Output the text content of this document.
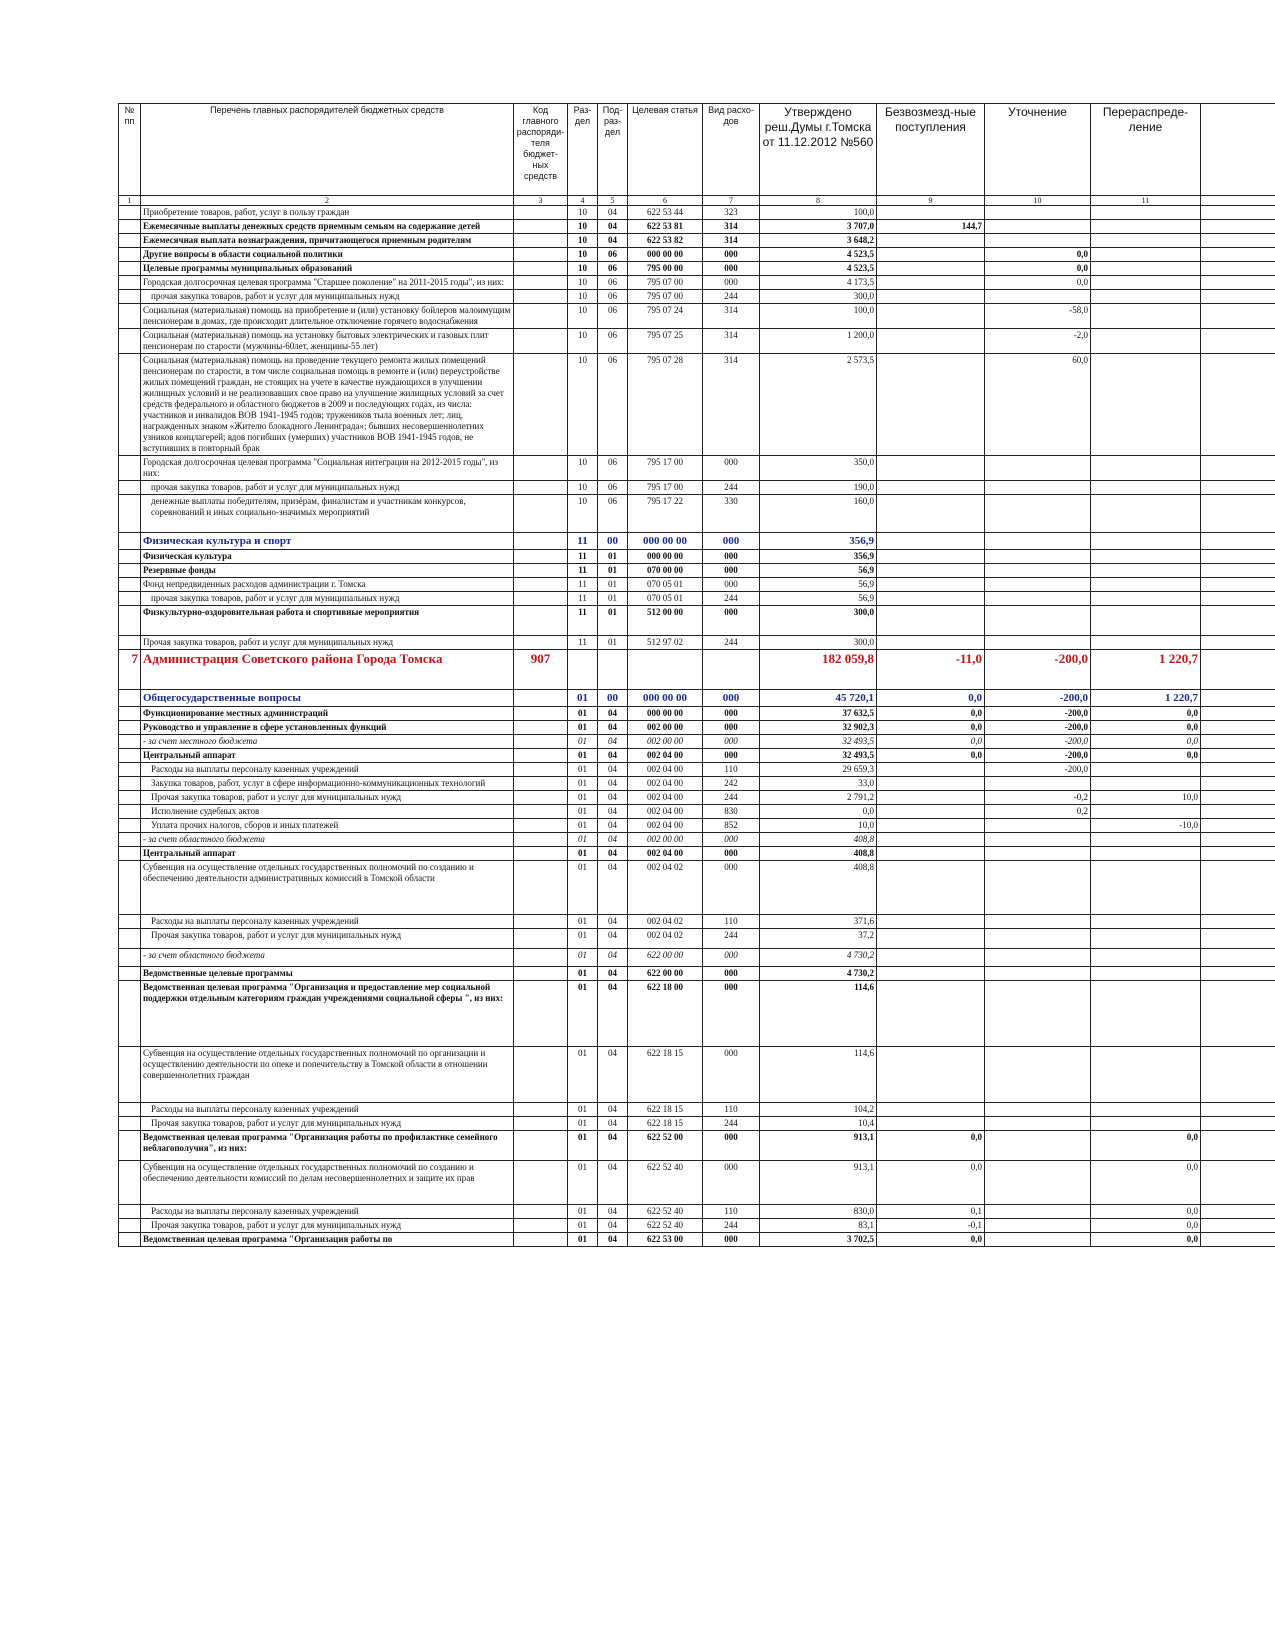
№ пп	Перечень главных распорядителей бюджетных средств	Код главного распоряди-теля бюджет-ных средств	Раз-дел	Под-раз-дел	Целевая статья	Вид расхо-дов	Утверждено реш.Думы г.Томска от 11.12.2012 №560	Безвозмезд-ные поступления	Уточнение	Перераспреде-ление	
1	2	3	4	5	6	7	8	9	10	11	
	Приобретение товаров, работ, услуг в пользу граждан		10	04	622 53 44	323	100,0				
	Ежемесячные выплаты денежных средств приемным семьям на содержание детей		10	04	622 53 81	314	3 707,0	144,7			
	Ежемесячная выплата вознаграждения, причитающегося приемным родителям		10	04	622 53 82	314	3 648,2				
	Другие вопросы в области социальной политики		10	06	000 00 00	000	4 523,5		0,0		
	Целевые программы муниципальных образований		10	06	795 00 00	000	4 523,5		0,0		
	Городская долгосрочная целевая программа "Старшее поколение" на 2011-2015 годы", из них:		10	06	795 07 00	000	4 173,5		0,0		
	прочая закупка товаров, работ и услуг для муниципальных нужд		10	06	795 07 00	244	300,0				
	Социальная (материальная) помощь на приобретение и (или) установку бойлеров малоимущим пенсионерам в домах, где происходит длительное отключение горячего водоснабжения		10	06	795 07 24	314	100,0		-58,0		
	Социальная (материальная) помощь на установку бытовых электрических и газовых плит пенсионерам по старости (мужчины-60лет, женщины-55 лет)		10	06	795 07 25	314	1 200,0		-2,0		
	Социальная (материальная) помощь на проведение текущего ремонта жилых помещений пенсионерам по старости, в том числе социальная помощь в ремонте и (или) переустройстве жилых помещений граждан, не стоящих на учете в качестве нуждающихся в улучшении жилищных условий и не реализовавших свое право на улучшение жилищных условий за счет средств федерального и областного бюджетов в 2009 и последующих годах, из числа: участников и инвалидов ВОВ 1941-1945 годов; тружеников тыла военных лет; лиц, награжденных знаком «Жителю блокадного Ленинграда»; бывших несовершеннолетних узников концлагерей; вдов погибших (умерших) участников ВОВ 1941-1945 годов, не вступивших в повторный брак		10	06	795 07 28	314	2 573,5		60,0		
	Городская долгосрочная целевая программа "Социальная интеграция на 2012-2015 годы", из них:		10	06	795 17 00	000	350,0				
	прочая закупка товаров, работ и услуг для муниципальных нужд		10	06	795 17 00	244	190,0				
	денежные выплаты победителям, призёрам, финалистам и участникам конкурсов, соревнований и иных социально-значимых мероприятий		10	06	795 17 22	330	160,0				
	Физическая культура и спорт		11	00	000 00 00	000	356,9				
	Физическая культура		11	01	000 00 00	000	356,9				
	Резервные фонды		11	01	070 00 00	000	56,9				
	Фонд непредвиденных расходов администрации г. Томска		11	01	070 05 01	000	56,9				
	прочая закупка товаров, работ и услуг для муниципальных нужд		11	01	070 05 01	244	56,9				
	Физкультурно-оздоровительная работа и спортивные мероприятия		11	01	512 00 00	000	300,0				
	Прочая закупка товаров, работ и услуг для муниципальных нужд		11	01	512 97 02	244	300,0				
7	Администрация Советского района Города Томска	907					182 059,8	-11,0	-200,0	1 220,7	
	Общегосударственные вопросы		01	00	000 00 00	000	45 720,1	0,0	-200,0	1 220,7	
	Функционирование местных администраций		01	04	000 00 00	000	37 632,5	0,0	-200,0	0,0	
	Руководство и управление в сфере установленных функций		01	04	002 00 00	000	32 902,3	0,0	-200,0	0,0	
	- за счет местного бюджета		01	04	002 00 00	000	32 493,5	0,0	-200,0	0,0	
	Центральный аппарат		01	04	002 04 00	000	32 493,5	0,0	-200,0	0,0	
	Расходы на выплаты персоналу казенных учреждений		01	04	002 04 00	110	29 659,3		-200,0		
	Закупка товаров, работ, услуг в сфере информационно-коммуникационных технологий		01	04	002 04 00	242	33,0				
	Прочая закупка товаров, работ и услуг для муниципальных нужд		01	04	002 04 00	244	2 791,2		-0,2	10,0	
	Исполнение судебных актов		01	04	002 04 00	830	0,0		0,2		
	Уплата прочих налогов, сборов и иных платежей		01	04	002 04 00	852	10,0			-10,0	
	- за счет областного бюджета		01	04	002 00 00	000	408,8				
	Центральный аппарат		01	04	002 04 00	000	408,8				
	Субвенция на осуществление отдельных государственных полномочий по созданию и обеспечению деятельности административных комиссий в Томской области		01	04	002 04 02	000	408,8				
	Расходы на выплаты персоналу казенных учреждений		01	04	002 04 02	110	371,6				
	Прочая закупка товаров, работ и услуг для муниципальных нужд		01	04	002 04 02	244	37,2				
	- за счет областного бюджета		01	04	622 00 00	000	4 730,2				
	Ведомственные целевые программы		01	04	622 00 00	000	4 730,2				
	Ведомственная целевая программа "Организация и предоставление мер социальной поддержки отдельным категориям граждан учреждениями социальной сферы ", из них:		01	04	622 18 00	000	114,6				
	Субвенция на осуществление отдельных государственных полномочий по организации и осуществлению деятельности по опеке и попечительству в Томской области в отношении совершеннолетних граждан		01	04	622 18 15	000	114,6				
	Расходы на выплаты персоналу казенных учреждений		01	04	622 18 15	110	104,2				
	Прочая закупка товаров, работ и услуг для муниципальных нужд		01	04	622 18 15	244	10,4				
	Ведомственная целевая программа "Организация работы по профилактике семейного неблагополучия", из них:		01	04	622 52 00	000	913,1	0,0		0,0	
	Субвенция на осуществление отдельных государственных полномочий по созданию и обеспечению деятельности комиссий по делам несовершеннолетних и защите их прав		01	04	622 52 40	000	913,1	0,0		0,0	
	Расходы на выплаты персоналу казенных учреждений		01	04	622 52 40	110	830,0	0,1		0,0	
	Прочая закупка товаров, работ и услуг для муниципальных нужд		01	04	622 52 40	244	83,1	-0,1		0,0	
	Ведомственная целевая программа "Организация работы по		01	04	622 53 00	000	3 702,5	0,0		0,0	
